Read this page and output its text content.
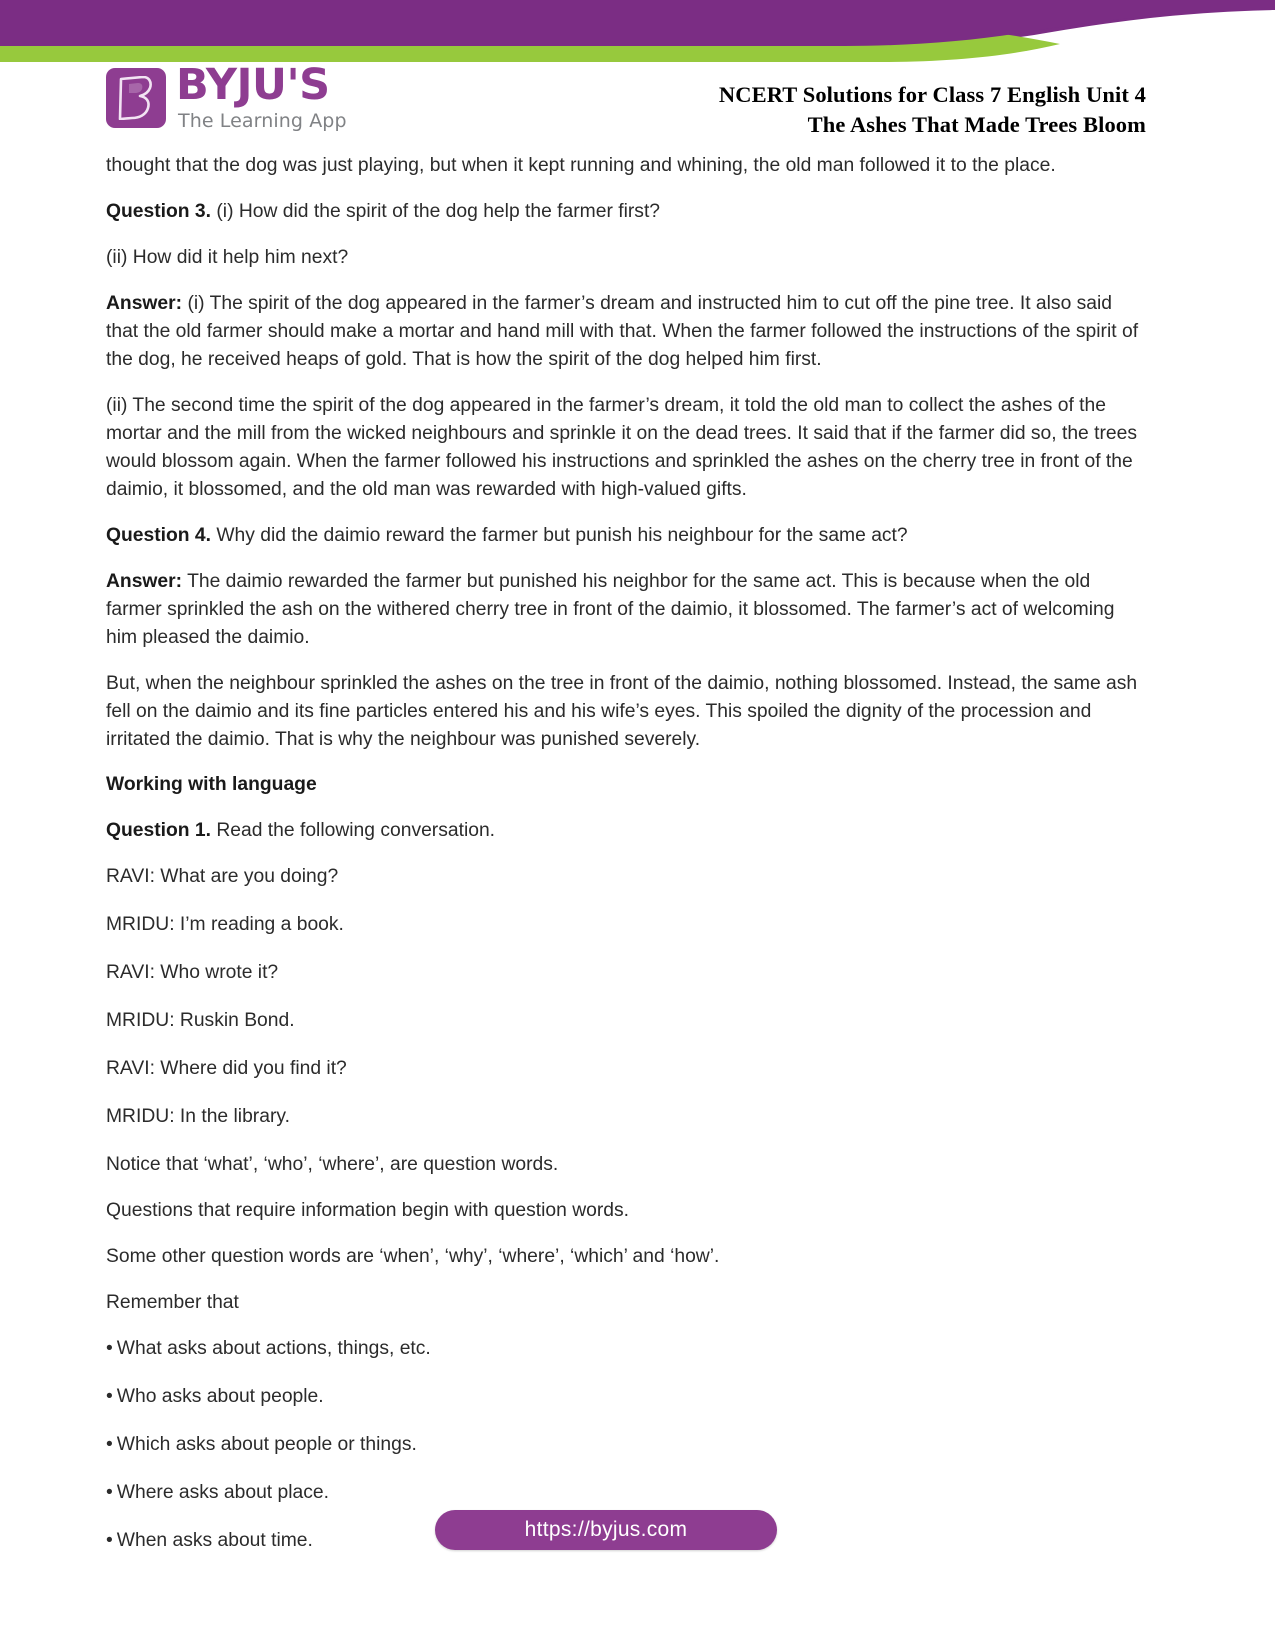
BYJU'S
The Learning App
NCERT Solutions for Class 7 English Unit 4
The Ashes That Made Trees Bloom

thought that the dog was just playing, but when it kept running and whining, the old man followed it to the place.

Question 3. (i) How did the spirit of the dog help the farmer first?

(ii) How did it help him next?

Answer: (i) The spirit of the dog appeared in the farmer’s dream and instructed him to cut off the pine tree. It also said that the old farmer should make a mortar and hand mill with that. When the farmer followed the instructions of the spirit of the dog, he received heaps of gold. That is how the spirit of the dog helped him first.

(ii) The second time the spirit of the dog appeared in the farmer’s dream, it told the old man to collect the ashes of the mortar and the mill from the wicked neighbours and sprinkle it on the dead trees. It said that if the farmer did so, the trees would blossom again. When the farmer followed his instructions and sprinkled the ashes on the cherry tree in front of the daimio, it blossomed, and the old man was rewarded with high-valued gifts.

Question 4. Why did the daimio reward the farmer but punish his neighbour for the same act?

Answer: The daimio rewarded the farmer but punished his neighbor for the same act. This is because when the old farmer sprinkled the ash on the withered cherry tree in front of the daimio, it blossomed. The farmer’s act of welcoming him pleased the daimio.

But, when the neighbour sprinkled the ashes on the tree in front of the daimio, nothing blossomed. Instead, the same ash fell on the daimio and its fine particles entered his and his wife’s eyes. This spoiled the dignity of the procession and irritated the daimio. That is why the neighbour was punished severely.

Working with language

Question 1. Read the following conversation.

RAVI: What are you doing?

MRIDU: I’m reading a book.

RAVI: Who wrote it?

MRIDU: Ruskin Bond.

RAVI: Where did you find it?

MRIDU: In the library.

Notice that ‘what’, ‘who’, ‘where’, are question words.

Questions that require information begin with question words.

Some other question words are ‘when’, ‘why’, ‘where’, ‘which’ and ‘how’.

Remember that

• What asks about actions, things, etc.

• Who asks about people.

• Which asks about people or things.

• Where asks about place.

• When asks about time.	https://byjus.com
